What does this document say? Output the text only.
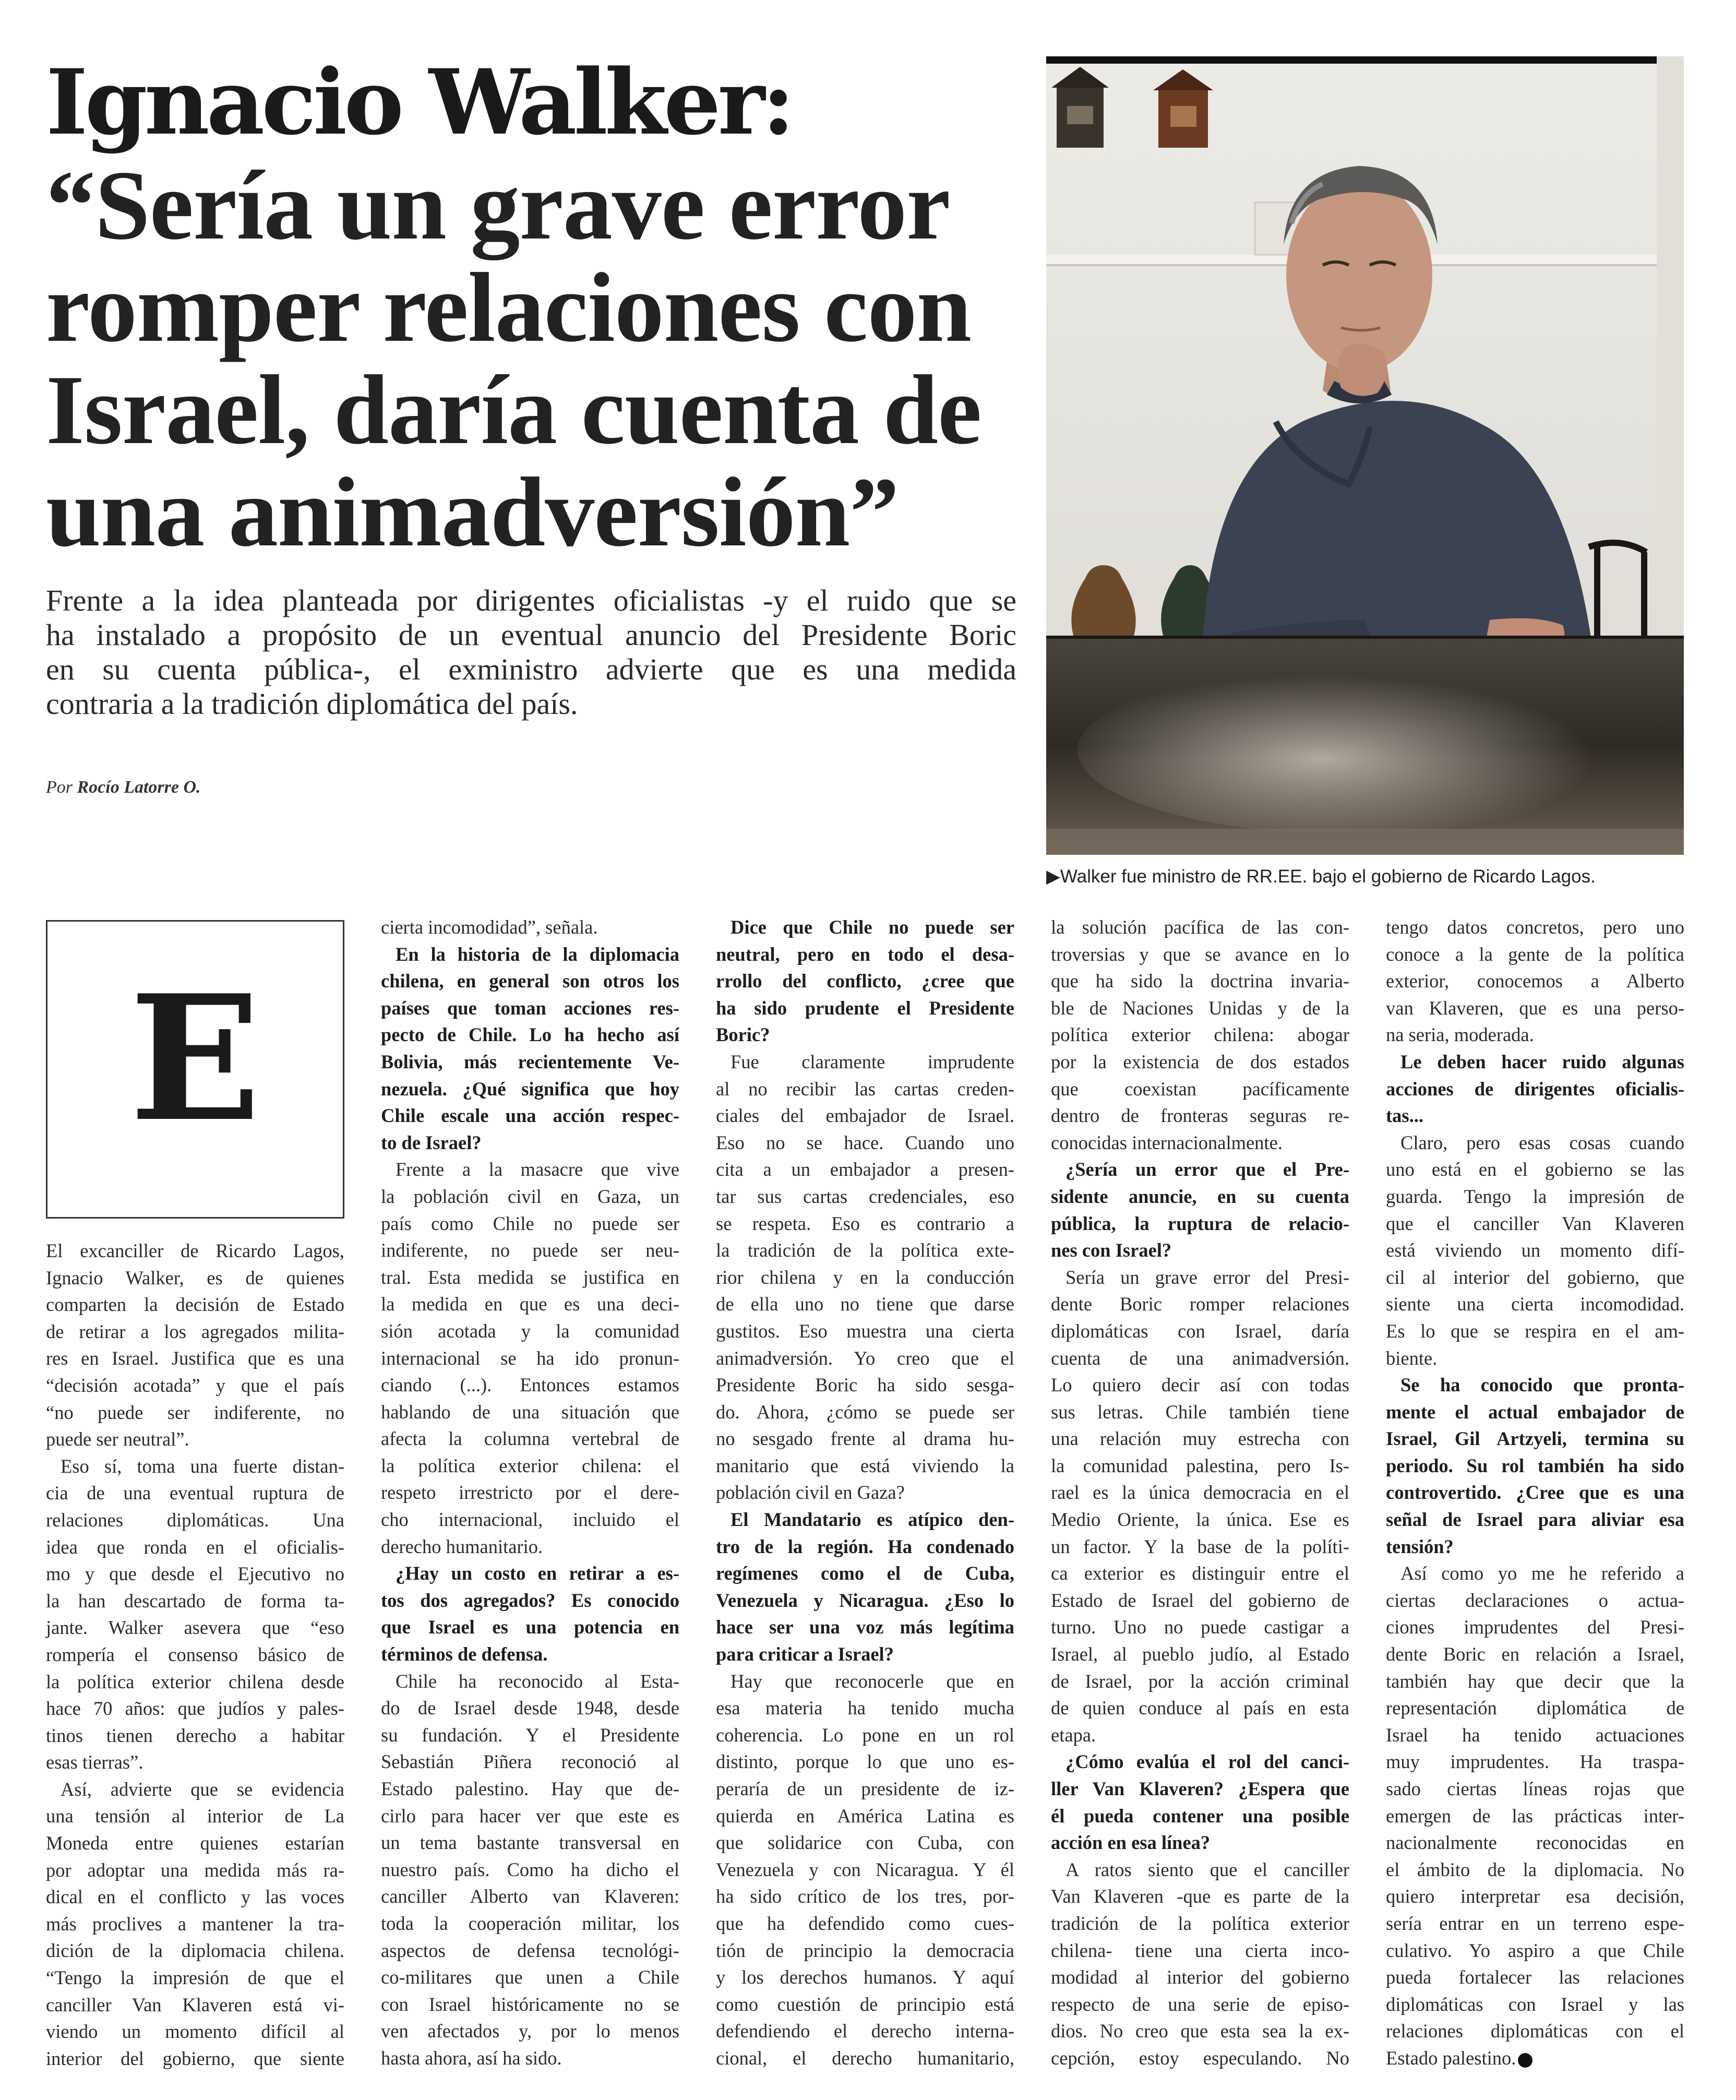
Ignacio Walker:
“Sería un grave error
romper relaciones con
Israel, daría cuenta de
una animadversión”
Frente a la idea planteada por dirigentes oficialistas -y el ruido que se
ha instalado a propósito de un eventual anuncio del Presidente Boric
en su cuenta pública-, el exministro advierte que es una medida
contraria a la tradición diplomática del país.
Por Rocío Latorre O.
▶Walker fue ministro de RR.EE. bajo el gobierno de Ricardo Lagos.
E
El excanciller de Ricardo Lagos,
Ignacio Walker, es de quienes
comparten la decisión de Estado
de retirar a los agregados milita-
res en Israel. Justifica que es una
“decisión acotada” y que el país
“no puede ser indiferente, no
puede ser neutral”.
Eso sí, toma una fuerte distan-
cia de una eventual ruptura de
relaciones diplomáticas. Una
idea que ronda en el oficialis-
mo y que desde el Ejecutivo no
la han descartado de forma ta-
jante. Walker asevera que “eso
rompería el consenso básico de
la política exterior chilena desde
hace 70 años: que judíos y pales-
tinos tienen derecho a habitar
esas tierras”.
Así, advierte que se evidencia
una tensión al interior de La
Moneda entre quienes estarían
por adoptar una medida más ra-
dical en el conflicto y las voces
más proclives a mantener la tra-
dición de la diplomacia chilena.
“Tengo la impresión de que el
canciller Van Klaveren está vi-
viendo un momento difícil al
interior del gobierno, que siente
cierta incomodidad”, señala.
En la historia de la diplomacia
chilena, en general son otros los
países que toman acciones res-
pecto de Chile. Lo ha hecho así
Bolivia, más recientemente Ve-
nezuela. ¿Qué significa que hoy
Chile escale una acción respec-
to de Israel?
Frente a la masacre que vive
la población civil en Gaza, un
país como Chile no puede ser
indiferente, no puede ser neu-
tral. Esta medida se justifica en
la medida en que es una deci-
sión acotada y la comunidad
internacional se ha ido pronun-
ciando (...). Entonces estamos
hablando de una situación que
afecta la columna vertebral de
la política exterior chilena: el
respeto irrestricto por el dere-
cho internacional, incluido el
derecho humanitario.
¿Hay un costo en retirar a es-
tos dos agregados? Es conocido
que Israel es una potencia en
términos de defensa.
Chile ha reconocido al Esta-
do de Israel desde 1948, desde
su fundación. Y el Presidente
Sebastián Piñera reconoció al
Estado palestino. Hay que de-
cirlo para hacer ver que este es
un tema bastante transversal en
nuestro país. Como ha dicho el
canciller Alberto van Klaveren:
toda la cooperación militar, los
aspectos de defensa tecnológi-
co-militares que unen a Chile
con Israel históricamente no se
ven afectados y, por lo menos
hasta ahora, así ha sido.
Dice que Chile no puede ser
neutral, pero en todo el desa-
rrollo del conflicto, ¿cree que
ha sido prudente el Presidente
Boric?
Fue claramente imprudente
al no recibir las cartas creden-
ciales del embajador de Israel.
Eso no se hace. Cuando uno
cita a un embajador a presen-
tar sus cartas credenciales, eso
se respeta. Eso es contrario a
la tradición de la política exte-
rior chilena y en la conducción
de ella uno no tiene que darse
gustitos. Eso muestra una cierta
animadversión. Yo creo que el
Presidente Boric ha sido sesga-
do. Ahora, ¿cómo se puede ser
no sesgado frente al drama hu-
manitario que está viviendo la
población civil en Gaza?
El Mandatario es atípico den-
tro de la región. Ha condenado
regímenes como el de Cuba,
Venezuela y Nicaragua. ¿Eso lo
hace ser una voz más legítima
para criticar a Israel?
Hay que reconocerle que en
esa materia ha tenido mucha
coherencia. Lo pone en un rol
distinto, porque lo que uno es-
peraría de un presidente de iz-
quierda en América Latina es
que solidarice con Cuba, con
Venezuela y con Nicaragua. Y él
ha sido crítico de los tres, por-
que ha defendido como cues-
tión de principio la democracia
y los derechos humanos. Y aquí
como cuestión de principio está
defendiendo el derecho interna-
cional, el derecho humanitario,
la solución pacífica de las con-
troversias y que se avance en lo
que ha sido la doctrina invaria-
ble de Naciones Unidas y de la
política exterior chilena: abogar
por la existencia de dos estados
que coexistan pacíficamente
dentro de fronteras seguras re-
conocidas internacionalmente.
¿Sería un error que el Pre-
sidente anuncie, en su cuenta
pública, la ruptura de relacio-
nes con Israel?
Sería un grave error del Presi-
dente Boric romper relaciones
diplomáticas con Israel, daría
cuenta de una animadversión.
Lo quiero decir así con todas
sus letras. Chile también tiene
una relación muy estrecha con
la comunidad palestina, pero Is-
rael es la única democracia en el
Medio Oriente, la única. Ese es
un factor. Y la base de la políti-
ca exterior es distinguir entre el
Estado de Israel del gobierno de
turno. Uno no puede castigar a
Israel, al pueblo judío, al Estado
de Israel, por la acción criminal
de quien conduce al país en esta
etapa.
¿Cómo evalúa el rol del canci-
ller Van Klaveren? ¿Espera que
él pueda contener una posible
acción en esa línea?
A ratos siento que el canciller
Van Klaveren -que es parte de la
tradición de la política exterior
chilena- tiene una cierta inco-
modidad al interior del gobierno
respecto de una serie de episo-
dios. No creo que esta sea la ex-
cepción, estoy especulando. No
tengo datos concretos, pero uno
conoce a la gente de la política
exterior, conocemos a Alberto
van Klaveren, que es una perso-
na seria, moderada.
Le deben hacer ruido algunas
acciones de dirigentes oficialis-
tas...
Claro, pero esas cosas cuando
uno está en el gobierno se las
guarda. Tengo la impresión de
que el canciller Van Klaveren
está viviendo un momento difí-
cil al interior del gobierno, que
siente una cierta incomodidad.
Es lo que se respira en el am-
biente.
Se ha conocido que pronta-
mente el actual embajador de
Israel, Gil Artzyeli, termina su
periodo. Su rol también ha sido
controvertido. ¿Cree que es una
señal de Israel para aliviar esa
tensión?
Así como yo me he referido a
ciertas declaraciones o actua-
ciones imprudentes del Presi-
dente Boric en relación a Israel,
también hay que decir que la
representación diplomática de
Israel ha tenido actuaciones
muy imprudentes. Ha traspa-
sado ciertas líneas rojas que
emergen de las prácticas inter-
nacionalmente reconocidas en
el ámbito de la diplomacia. No
quiero interpretar esa decisión,
sería entrar en un terreno espe-
culativo. Yo aspiro a que Chile
pueda fortalecer las relaciones
diplomáticas con Israel y las
relaciones diplomáticas con el
Estado palestino.
